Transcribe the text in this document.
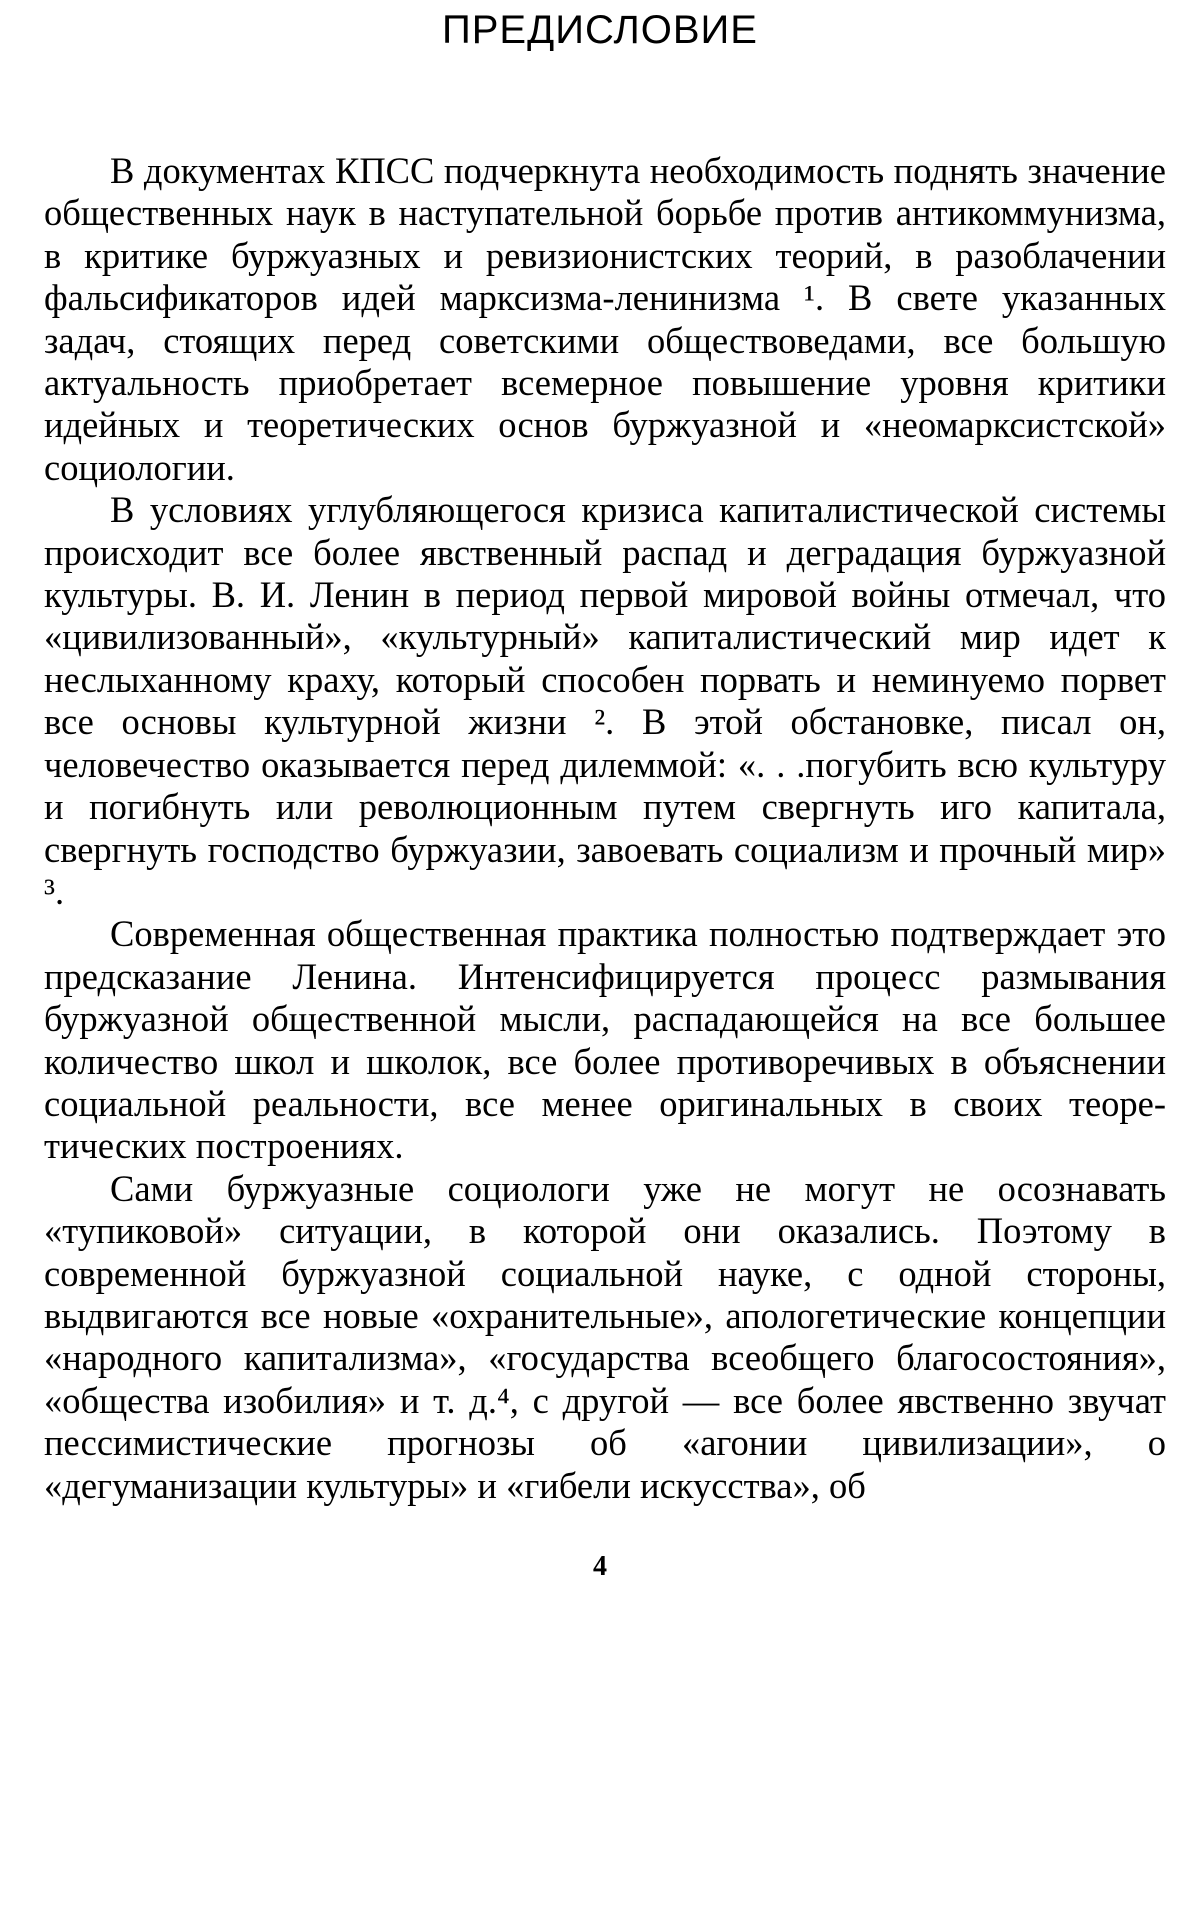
ПРЕДИСЛОВИЕ

В документах КПСС подчеркнута необходимость поднять значение общественных наук в наступательной борьбе против антикоммунизма, в критике буржуазных и ревизионистских теорий, в разоблачении фальсификаторов идей марксизма-ленинизма ¹. В свете указанных задач, стоящих перед советскими обществоведами, все большую актуальность приобретает всемерное повышение уровня критики идейных и теоретических основ буржуазной и «неомарксистской» социологии.

В условиях углубляющегося кризиса капиталистической системы происходит все более явственный распад и деградация буржуазной культуры. В. И. Ленин в период первой мировой войны отмечал, что «цивилизованный», «культурный» капиталистический мир идет к неслыханному краху, который способен порвать и неминуемо порвет все основы культурной жизни ². В этой обстановке, писал он, человечество оказывается перед дилеммой: «. . .погубить всю культуру и погибнуть или революционным путем свергнуть иго капитала, свергнуть господство буржуазии, завоевать социализм и прочный мир» ³.

Современная общественная практика полностью подтверждает это предсказание Ленина. Интенсифицируется процесс размывания буржуазной общественной мысли, распадающейся на все большее количество школ и школок, все более противоречивых в объяснении социальной реальности, все менее оригинальных в своих теоретических построениях.

Сами буржуазные социологи уже не могут не осознавать «тупиковой» ситуации, в которой они оказались. Поэтому в современной буржуазной социальной науке, с одной стороны, выдвигаются все новые «охранительные», апологетические концепции «народного капитализма», «государства всеобщего благосостояния», «общества изобилия» и т. д.⁴, с другой — все более явственно звучат пессимистические прогнозы об «агонии цивилизации», о «дегуманизации культуры» и «гибели искусства», об

4
